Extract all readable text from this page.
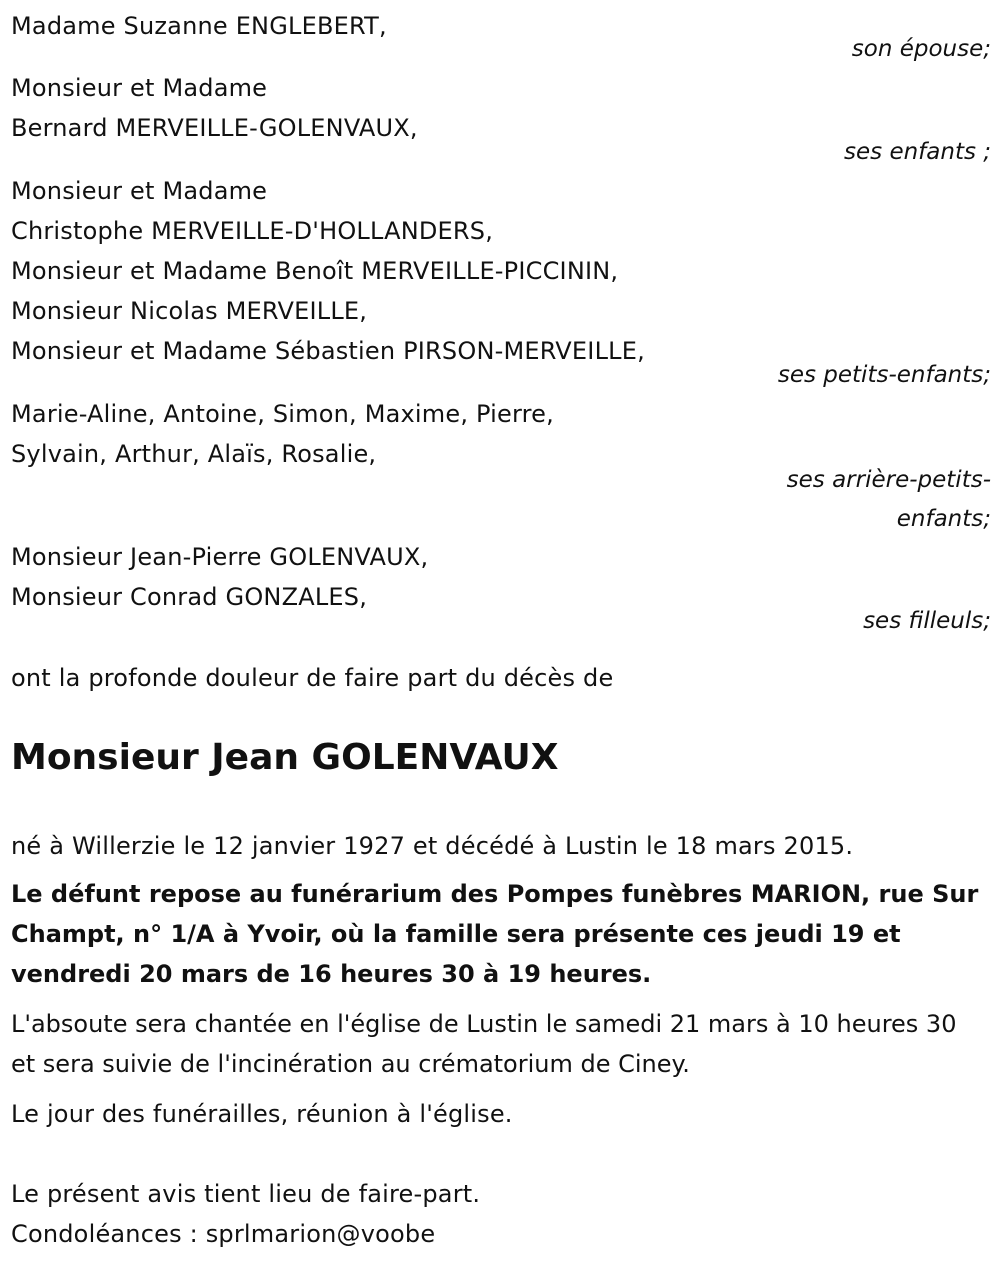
Madame Suzanne ENGLEBERT,
son épouse;
Monsieur et Madame
Bernard MERVEILLE-GOLENVAUX,
ses enfants ;
Monsieur et Madame
Christophe MERVEILLE-D'HOLLANDERS,
Monsieur et Madame Benoît MERVEILLE-PICCININ,
Monsieur Nicolas MERVEILLE,
Monsieur et Madame Sébastien PIRSON-MERVEILLE,
ses petits-enfants;
Marie-Aline, Antoine, Simon, Maxime, Pierre,
Sylvain, Arthur, Alaïs, Rosalie,
ses arrière-petits-
enfants;
Monsieur Jean-Pierre GOLENVAUX,
Monsieur Conrad GONZALES,
ses filleuls;
ont la profonde douleur de faire part du décès de
Monsieur Jean GOLENVAUX
né à Willerzie le 12 janvier 1927 et décédé à Lustin le 18 mars 2015.
Le défunt repose au funérarium des Pompes funèbres MARION, rue Sur Champt, n° 1/A à Yvoir, où la famille sera présente ces jeudi 19 et vendredi 20 mars de 16 heures 30 à 19 heures.
L'absoute sera chantée en l'église de Lustin le samedi 21 mars à 10 heures 30 et sera suivie de l'incinération au crématorium de Ciney.
Le jour des funérailles, réunion à l'église.
Le présent avis tient lieu de faire-part.
Condoléances : sprlmarion@voobe
